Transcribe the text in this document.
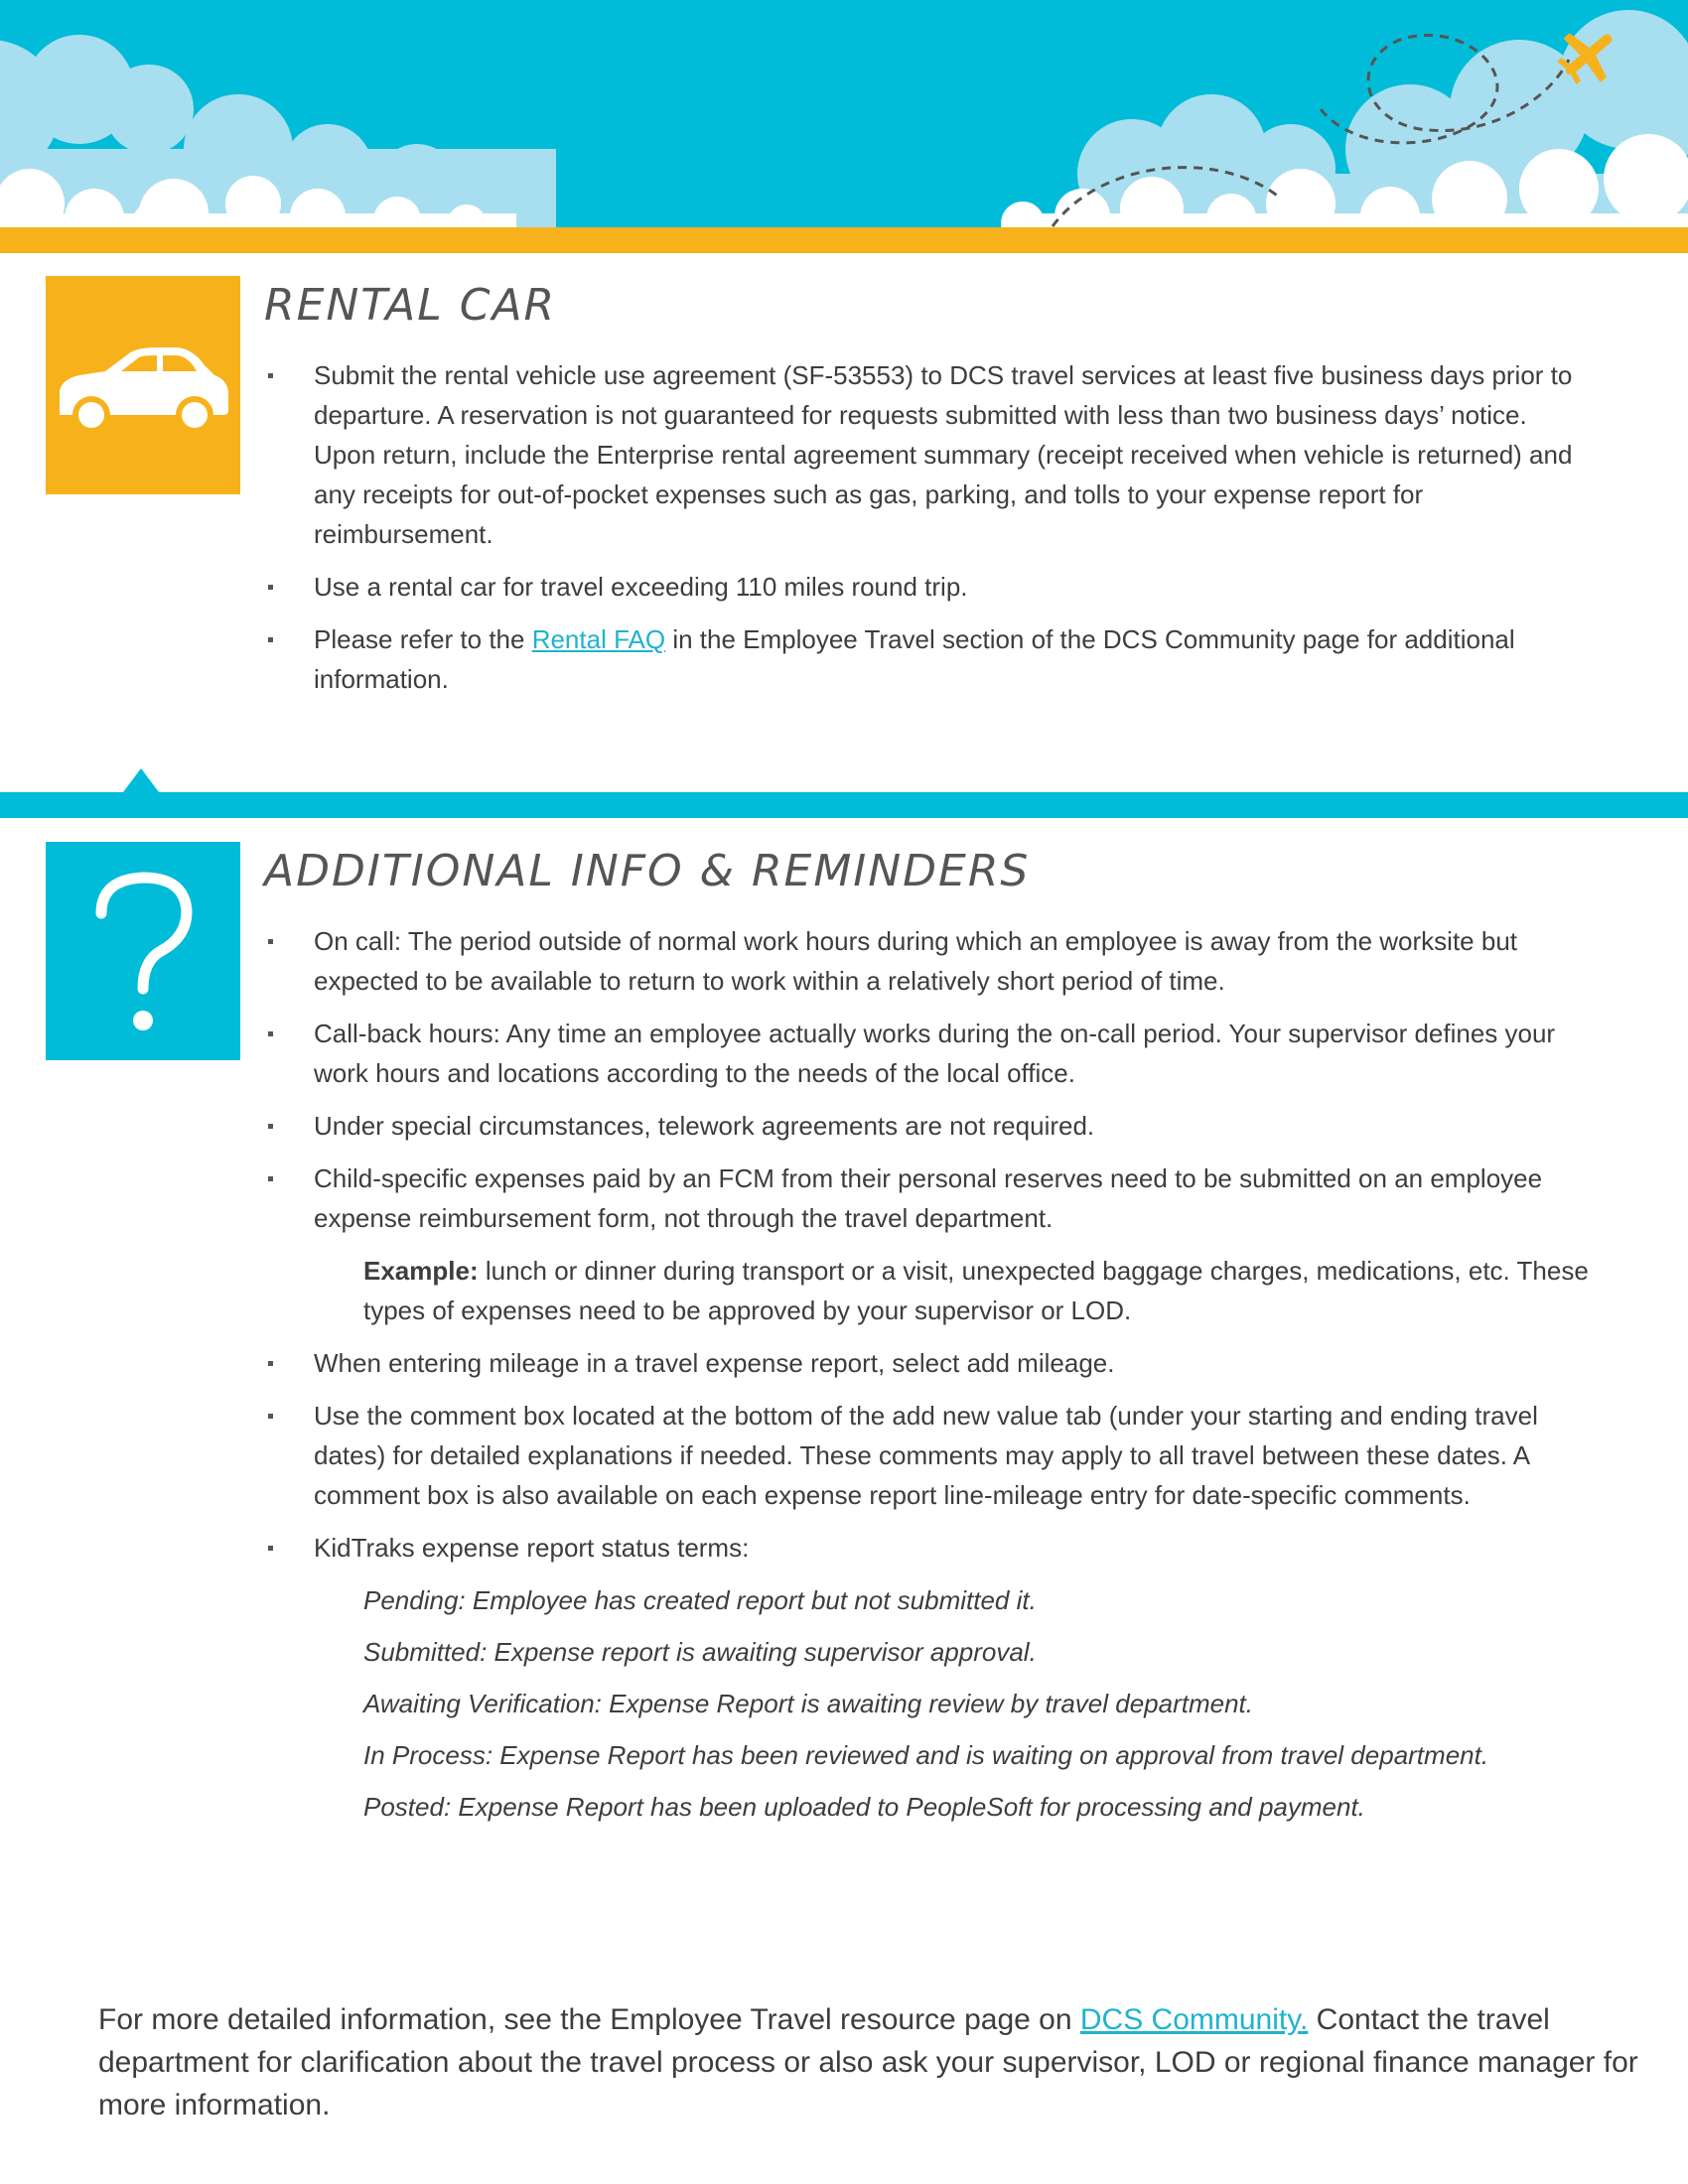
RENTAL CAR
Submit the rental vehicle use agreement (SF-53553) to DCS travel services at least five business days prior to departure. A reservation is not guaranteed for requests submitted with less than two business days’ notice. Upon return, include the Enterprise rental agreement summary (receipt received when vehicle is returned) and any receipts for out-of-pocket expenses such as gas, parking, and tolls to your expense report for reimbursement.
Use a rental car for travel exceeding 110 miles round trip.
Please refer to the Rental FAQ in the Employee Travel section of the DCS Community page for additional information.
ADDITIONAL INFO & REMINDERS
On call: The period outside of normal work hours during which an employee is away from the worksite but expected to be available to return to work within a relatively short period of time.
Call-back hours: Any time an employee actually works during the on-call period. Your supervisor defines your work hours and locations according to the needs of the local office.
Under special circumstances, telework agreements are not required.
Child-specific expenses paid by an FCM from their personal reserves need to be submitted on an employee expense reimbursement form, not through the travel department.
Example: lunch or dinner during transport or a visit, unexpected baggage charges, medications, etc. These types of expenses need to be approved by your supervisor or LOD.
When entering mileage in a travel expense report, select add mileage.
Use the comment box located at the bottom of the add new value tab (under your starting and ending travel dates) for detailed explanations if needed. These comments may apply to all travel between these dates. A comment box is also available on each expense report line-mileage entry for date-specific comments.
KidTraks expense report status terms:
Pending: Employee has created report but not submitted it.
Submitted: Expense report is awaiting supervisor approval.
Awaiting Verification: Expense Report is awaiting review by travel department.
In Process: Expense Report has been reviewed and is waiting on approval from travel department.
Posted: Expense Report has been uploaded to PeopleSoft for processing and payment.

For more detailed information, see the Employee Travel resource page on DCS Community. Contact the travel department for clarification about the travel process or also ask your supervisor, LOD or regional finance manager for more information.
